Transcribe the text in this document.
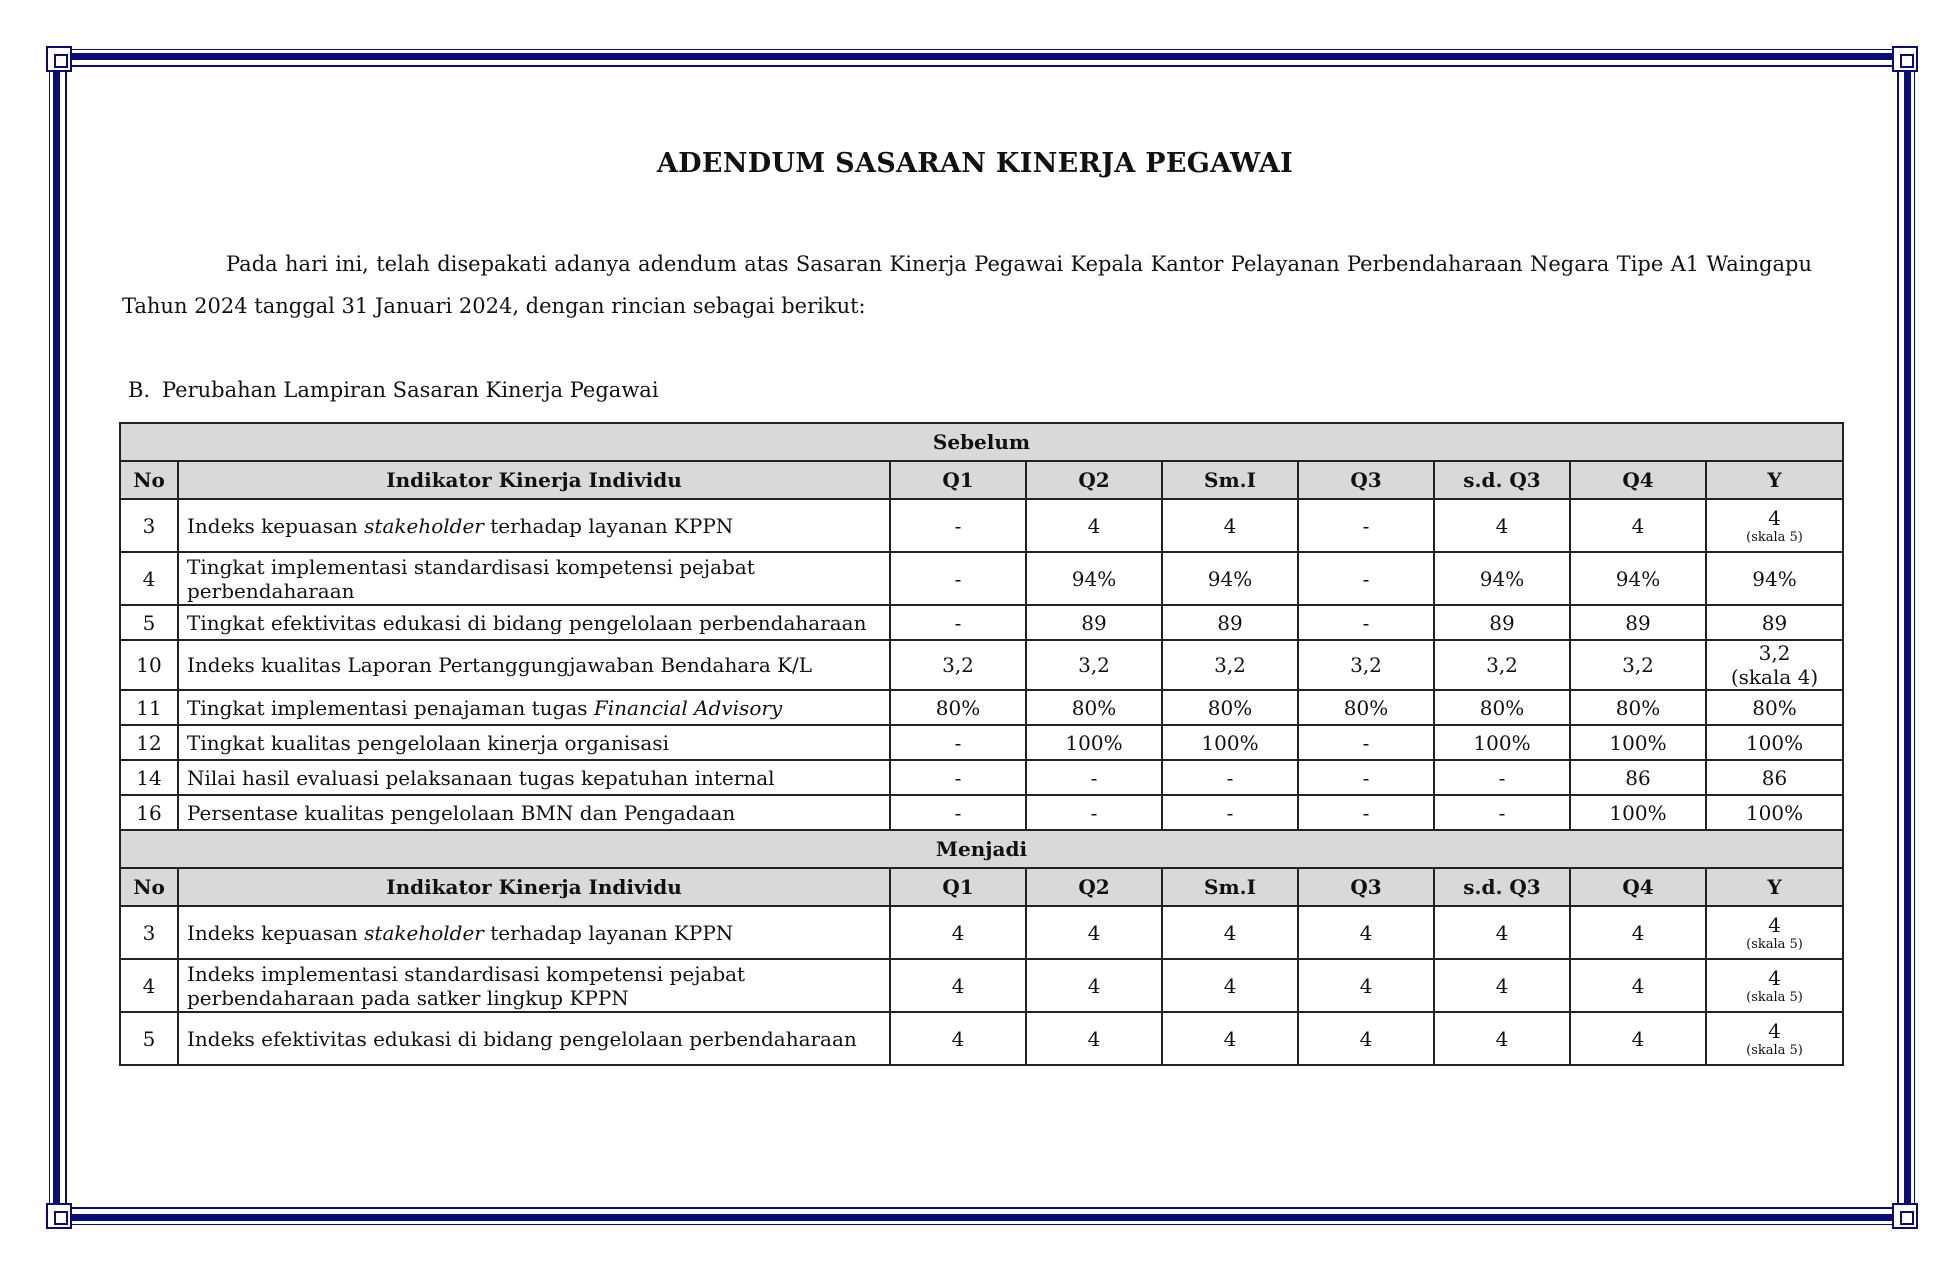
ADENDUM SASARAN KINERJA PEGAWAI
Pada hari ini, telah disepakati adanya adendum atas Sasaran Kinerja Pegawai Kepala Kantor Pelayanan Perbendaharaan Negara Tipe A1 Waingapu Tahun 2024 tanggal 31 Januari 2024, dengan rincian sebagai berikut:
B. Perubahan Lampiran Sasaran Kinerja Pegawai
Sebelum								
No	Indikator Kinerja Individu	Q1	Q2	Sm.I	Q3	s.d. Q3	Q4	Y
3	Indeks kepuasan stakeholder terhadap layanan KPPN	-	4	4	-	4	4	4
(skala 5)

4	Tingkat implementasi standardisasi kompetensi pejabat perbendaharaan	-	94%	94%	-	94%	94%	94%

5	Tingkat efektivitas edukasi di bidang pengelolaan perbendaharaan	-	89	89	-	89	89	89

10	Indeks kualitas Laporan Pertanggungjawaban Bendahara K/L	3,2	3,2	3,2	3,2	3,2	3,2	3,2
(skala 4)

11	Tingkat implementasi penajaman tugas Financial Advisory	80%	80%	80%	80%	80%	80%	80%

12	Tingkat kualitas pengelolaan kinerja organisasi	-	100%	100%	-	100%	100%	100%

14	Nilai hasil evaluasi pelaksanaan tugas kepatuhan internal	-	-	-	-	-	86	86

16	Persentase kualitas pengelolaan BMN dan Pengadaan	-	-	-	-	-	100%	100%

Menjadi								
No	Indikator Kinerja Individu	Q1	Q2	Sm.I	Q3	s.d. Q3	Q4	Y
3	Indeks kepuasan stakeholder terhadap layanan KPPN	4	4	4	4	4	4	4
(skala 5)

4	Indeks implementasi standardisasi kompetensi pejabat perbendaharaan pada satker lingkup KPPN	4	4	4	4	4	4	4
(skala 5)

5	Indeks efektivitas edukasi di bidang pengelolaan perbendaharaan	4	4	4	4	4	4	4
(skala 5)
